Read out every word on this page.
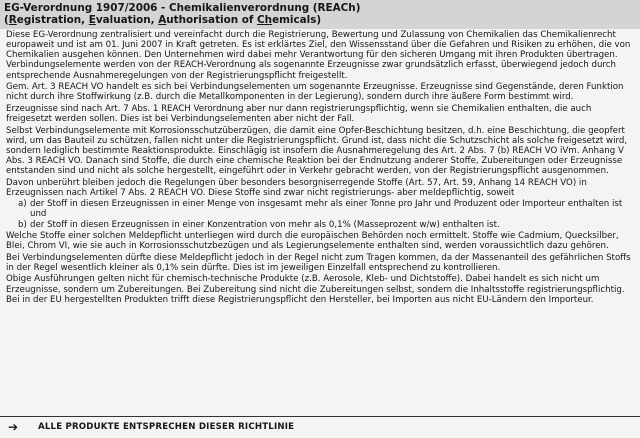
EG-Verordnung 1907/2006 - Chemikalienverordnung (REACh)
(Registration, Evaluation, Authorisation of Chemicals)

Diese EG-Verordnung zentralisiert und vereinfacht durch die Registrierung, Bewertung und Zulassung von Chemikalien das Chemikalienrecht europaweit und ist am 01. Juni 2007 in Kraft getreten. Es ist erklärtes Ziel, den Wissensstand über die Gefahren und Risiken zu erhöhen, die von Chemikalien ausgehen können. Den Unternehmen wird dabei mehr Verantwortung für den sicheren Umgang mit ihren Produkten übertragen. Verbindungselemente werden von der REACH-Verordnung als sogenannte Erzeugnisse zwar grundsätzlich erfasst, überwiegend jedoch durch entsprechende Ausnahmeregelungen von der Registrierungspflicht freigestellt.

Gem. Art. 3 REACH VO handelt es sich bei Verbindungselementen um sogenannte Erzeugnisse. Erzeugnisse sind Gegenstände, deren Funktion nicht durch ihre Stoffwirkung (z.B. durch die Metallkomponenten in der Legierung), sondern durch ihre äußere Form bestimmt wird.

Erzeugnisse sind nach Art. 7 Abs. 1 REACH Verordnung aber nur dann registrierungspflichtig, wenn sie Chemikalien enthalten, die auch freigesetzt werden sollen. Dies ist bei Verbindungselementen aber nicht der Fall.

Selbst Verbindungselemente mit Korrosionsschutzüberzügen, die damit eine Opfer-Beschichtung besitzen, d.h. eine Beschichtung, die geopfert wird, um das Bauteil zu schützen, fallen nicht unter die Registrierungspflicht. Grund ist, dass nicht die Schutzschicht als solche freigesetzt wird, sondern lediglich bestimmte Reaktionsprodukte. Einschlägig ist insofern die Ausnahmeregelung des Art. 2 Abs. 7 (b) REACH VO iVm. Anhang V Abs. 3 REACH VO. Danach sind Stoffe, die durch eine chemische Reaktion bei der Endnutzung anderer Stoffe, Zubereitungen oder Erzeugnisse entstanden sind und nicht als solche hergestellt, eingeführt oder in Verkehr gebracht werden, von der Registrierungspflicht ausgenommen.

Davon unberührt bleiben jedoch die Regelungen über besonders besorgniserregende Stoffe (Art. 57, Art. 59, Anhang 14 REACH VO) in Erzeugnissen nach Artikel 7 Abs. 2 REACH VO. Diese Stoffe sind zwar nicht registrierungs- aber meldepflichtig, soweit

a) der Stoff in diesen Erzeugnissen in einer Menge von insgesamt mehr als einer Tonne pro Jahr und Produzent oder Importeur enthalten ist und
b) der Stoff in diesen Erzeugnissen in einer Konzentration von mehr als 0,1% (Masseprozent w/w) enthalten ist.

Welche Stoffe einer solchen Meldepflicht unterliegen wird durch die europäischen Behörden noch ermittelt. Stoffe wie Cadmium, Quecksilber, Blei, Chrom VI, wie sie auch in Korrosionsschutzbezügen und als Legierungselemente enthalten sind, werden voraussichtlich dazu gehören.

Bei Verbindungselementen dürfte diese Meldepflicht jedoch in der Regel nicht zum Tragen kommen, da der Massenanteil des gefährlichen Stoffs in der Regel wesentlich kleiner als 0,1% sein dürfte. Dies ist im jeweiligen Einzelfall entsprechend zu kontrollieren.

Obige Ausführungen gelten nicht für chemisch-technische Produkte (z.B. Aerosole, Kleb- und Dichtstoffe). Dabei handelt es sich nicht um Erzeugnisse, sondern um Zubereitungen. Bei Zubereitung sind nicht die Zubereitungen selbst, sondern die Inhaltsstoffe registrierungspflichtig. Bei in der EU hergestellten Produkten trifft diese Registrierungspflicht den Hersteller, bei Importen aus nicht EU-Ländern den Importeur.

➔	ALLE PRODUKTE ENTSPRECHEN DIESER RICHTLINIE
